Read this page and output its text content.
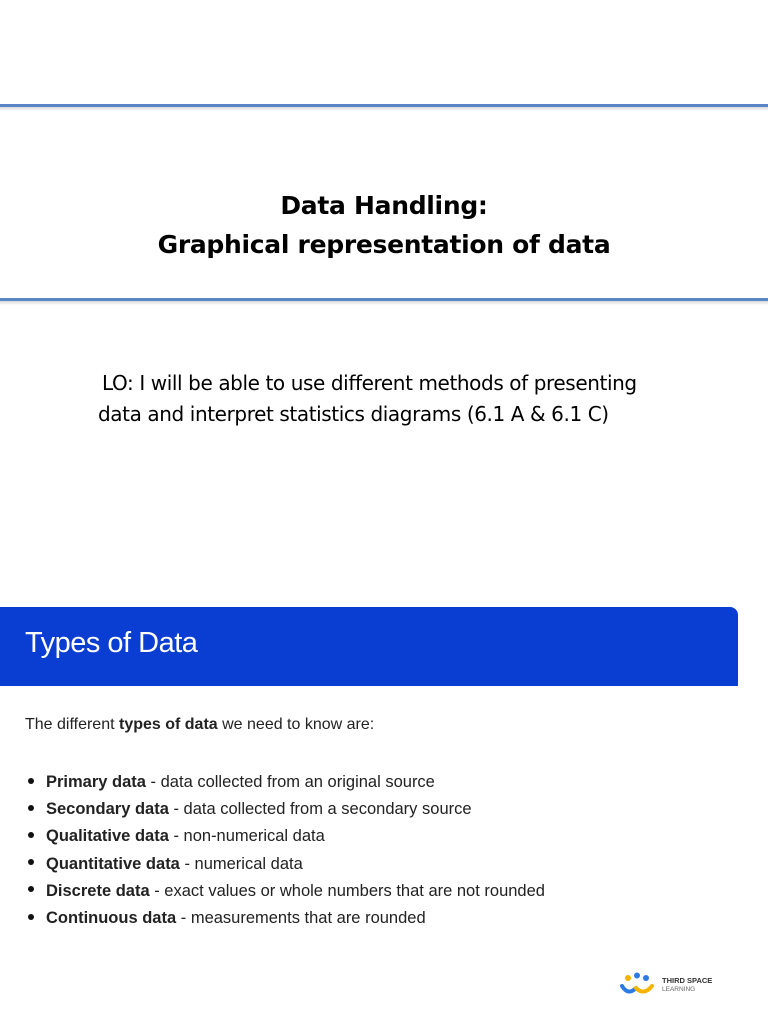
Data Handling:
Graphical representation of data
LO: I will be able to use different methods of presenting
data and interpret statistics diagrams (6.1 A & 6.1 C)
Types of Data
The different types of data we need to know are:
Primary data - data collected from an original source
Secondary data - data collected from a secondary source
Qualitative data - non-numerical data
Quantitative data - numerical data
Discrete data - exact values or whole numbers that are not rounded
Continuous data - measurements that are rounded
THIRD SPACE
LEARNING
